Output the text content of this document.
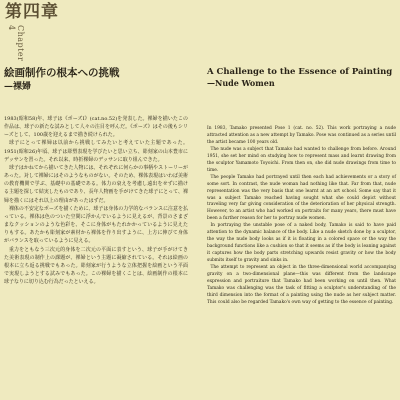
第四章
Chapter 4
絵画制作の根本への挑戦
—裸婦

1983(昭和58)年、球子は《ポーズⅠ》(cat.no.52)を発表した。裸婦を描いたこの作品は、球子の新たな試みとして人々の注目を呼んだ。《ポーズ》はその後もシリーズとして、100歳を迎えるまで描き続けられた。

球子にとって裸婦は以前から挑戦してみたいと考えていた主題であった。1951(昭和26)年頃、球子は彫塑表現を学びたいと思い立ち、彫刻家の山本豊市にデッサンを習った。それ以来、時折裸婦のデッサンに取り組んできた。

球子はかねてから描いてきた人物には、それぞれに何らかの事柄やストーリーがあった。対して裸婦にはそのようなものがない。そのため、裸体表現はいわば美術の教育機関で学ぶ、基礎中の基礎である。体力の衰えを考慮し遠出をせずに描ける主題を探して結実したものであり、長年人物画を手がけてきた球子にとって、裸婦を描くにはそれ以上の理由があったはずだ。

裸体の不安定なポーズを描くために、球子は身体の力学的なバランスに注意を払っている。裸体は色のついた空間に浮かんでいるように見えるが、背景のさまざまなクッションのような色彩を、そこに身体がもたれかかっているように見えたりもする。あたかも彫刻家が素材から裸体を作り出すように、上方に伸びて身体がバランスを取っているように見える。

重力をともなう三次元的身体を二次元の平面に表すという、球子が手がけてきた美術表現の制作上の課題が、裸婦という主題に凝縮されている。それは絵画の根本に立ち返る挑戦でもあった。彫刻家が行うような立体把握を絵画という平面で実現しようとする試みでもあった。この裸婦を描くことは、絵画制作の根本に球子なりに切り込む行為だったといえる。

A Challenge to the Essence of Painting
—Nude Women

In 1983, Tamako presented Pose 1 (cat. no. 52). This work portraying a nude attracted attention as a new attempt by Tamako. Pose was continued as a series until the artist became 100 years old.

The nude was a subject that Tamako had wanted to challenge from before. Around 1951, she set her mind on studying how to represent mass and learnt drawing from the sculptor Yamamoto Toyoichi. From then on, she did nude drawings from time to time.

The people Tamako had portrayed until then each had achievements or a story of some sort. In contrast, the nude woman had nothing like that. Far from that, nude representation was the very basis that one learnt at an art school. Some say that it was a subject Tamako reached having sought what she could depict without traveling very far giving consideration of the deterioration of her physical strength. However, to an artist who had worked on portraits for many years, there must have been a further reason for her to portray nude women.

In portraying the unstable pose of a naked body, Tamako is said to have paid attention to the dynamic balance of the body. Like a nude sketch done by a sculptor, the way the nude body looks as if it is floating in a colored space or the way the background functions like a cushion so that it seems as if the body is leaning against it captures how the body parts stretching upwards resist gravity or how the body submits itself to gravity and sinks in.

The attempt to represent an object in the three-dimensional world accompanying gravity on a two-dimensional plane—this was different from the landscape expression and portraiture that Tamako had been working on until then. What Tamako was challenging was the task of fitting a sculptor's understanding of the third dimension into the format of a painting using the nude as her subject matter. This could also be regarded Tamako's own way of getting to the essence of painting.
